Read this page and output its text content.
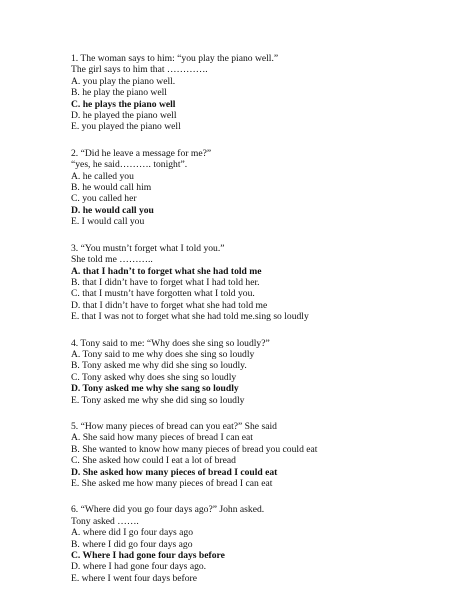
1. The woman says to him: “you play the piano well.”
The girl says to him that ………….
A. you play the piano well.
B. he play the piano well
C. he plays the piano well
D. he played the piano well
E. you played the piano well
2. “Did he leave a message for me?”
“yes, he said………. tonight”.
A. he called you
B. he would call him
C. you called her
D. he would call you
E. I would call you
3. “You mustn’t forget what I told you.”
She told me ………..
A. that I hadn’t to forget what she had told me
B. that I didn’t have to forget what I had told her.
C. that I mustn’t have forgotten what I told you.
D. that I didn’t have to forget what she had told me
E. that I was not to forget what she had told me.sing so loudly
4. Tony said to me: “Why does she sing so loudly?”
A. Tony said to me why does she sing so loudly
B. Tony asked me why did she sing so loudly.
C. Tony asked why does she sing so loudly
D. Tony asked me why she sang so loudly
E. Tony asked me why she did sing so loudly
5. “How many pieces of bread can you eat?” She said
A. She said how many pieces of bread I can eat
B. She wanted to know how many pieces of bread you could eat
C. She asked how could I eat a lot of bread
D. She asked how many pieces of bread I could eat
E. She asked me how many pieces of bread I can eat
6. “Where did you go four days ago?” John asked.
Tony asked …….
A. where did I go four days ago
B. where I did go four days ago
C. Where I had gone four days before
D. where I had gone four days ago.
E. where I went four days before
